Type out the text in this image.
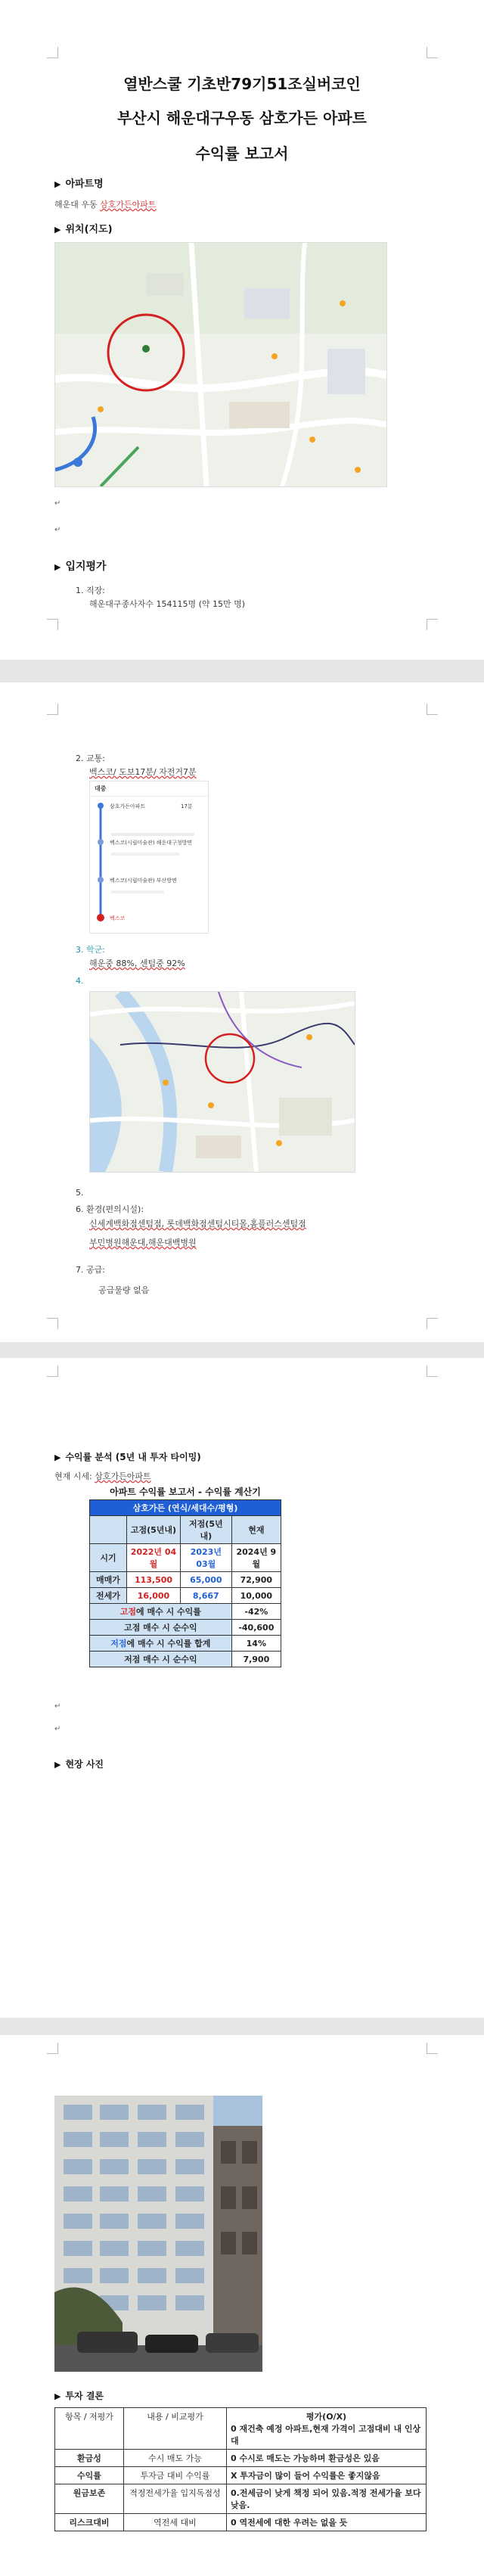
열반스쿨 기초반79기51조실버코인
부산시 해운대구우동 삼호가든 아파트
수익률 보고서
▶ 아파트명
해운대 우동 삼호가든아파트
▶ 위치(지도)
↵
↵
▶ 입지평가
1. 직장:
해운대구종사자수 154115명 (약 15만 명)
2. 교통:
벡스코/ 도보17분/ 자전거7분
대중
삼호가든아파트	17분
벡스코(시립미술관) 해운대구청방면
벡스코(시립미술관) 부산방면
벡스코
3. 학군:
해운중 88%, 센텀중 92%
4.
5.
6. 환경(편의시설):
신세계백화점센텀점, 롯데백화점센텀시티몰,홈플러스센텀점
부민병원해운대,해운대백병원
7. 공급:
공급물량 없음
▶ 수익률 분석 (5년 내 투자 타이밍)
현재 시세: 삼호가든아파트
아파트 수익률 보고서 - 수익률 계산기
삼호가든 (연식/세대수/평형)			
	고점(5년내)	저점(5년내)	현재
시기	2022년 04월	2023년 03월	2024년 9월
매매가	113,500	65,000	72,900
전세가	16,000	8,667	10,000
고점에 매수 시 수익률			-42%
고점 매수 시 순수익			-40,600
저점에 매수 시 수익률 합계			14%
저점 매수 시 순수익			7,900
↵
↵
▶ 현장 사진
▶ 투자 결론
항목 / 저평가	내용 / 비교평가	평가(O/X)
0 재건축 예정 아파트,현재 가격이 고점대비 내 인상대

환금성	수시 매도 가능	0 수시로 매도는 가능하며 환금성은 있음
수익률	투자금 대비 수익률	X 투자금이 많이 들어 수익률은 좋지않음
원금보존	적정전세가율 입지독점성	0.전세금이 낮게 책정 되어 있음.적정 전세가율 보다 낮음.
리스크대비	역전세 대비	0 역전세에 대한 우려는 없을 듯
